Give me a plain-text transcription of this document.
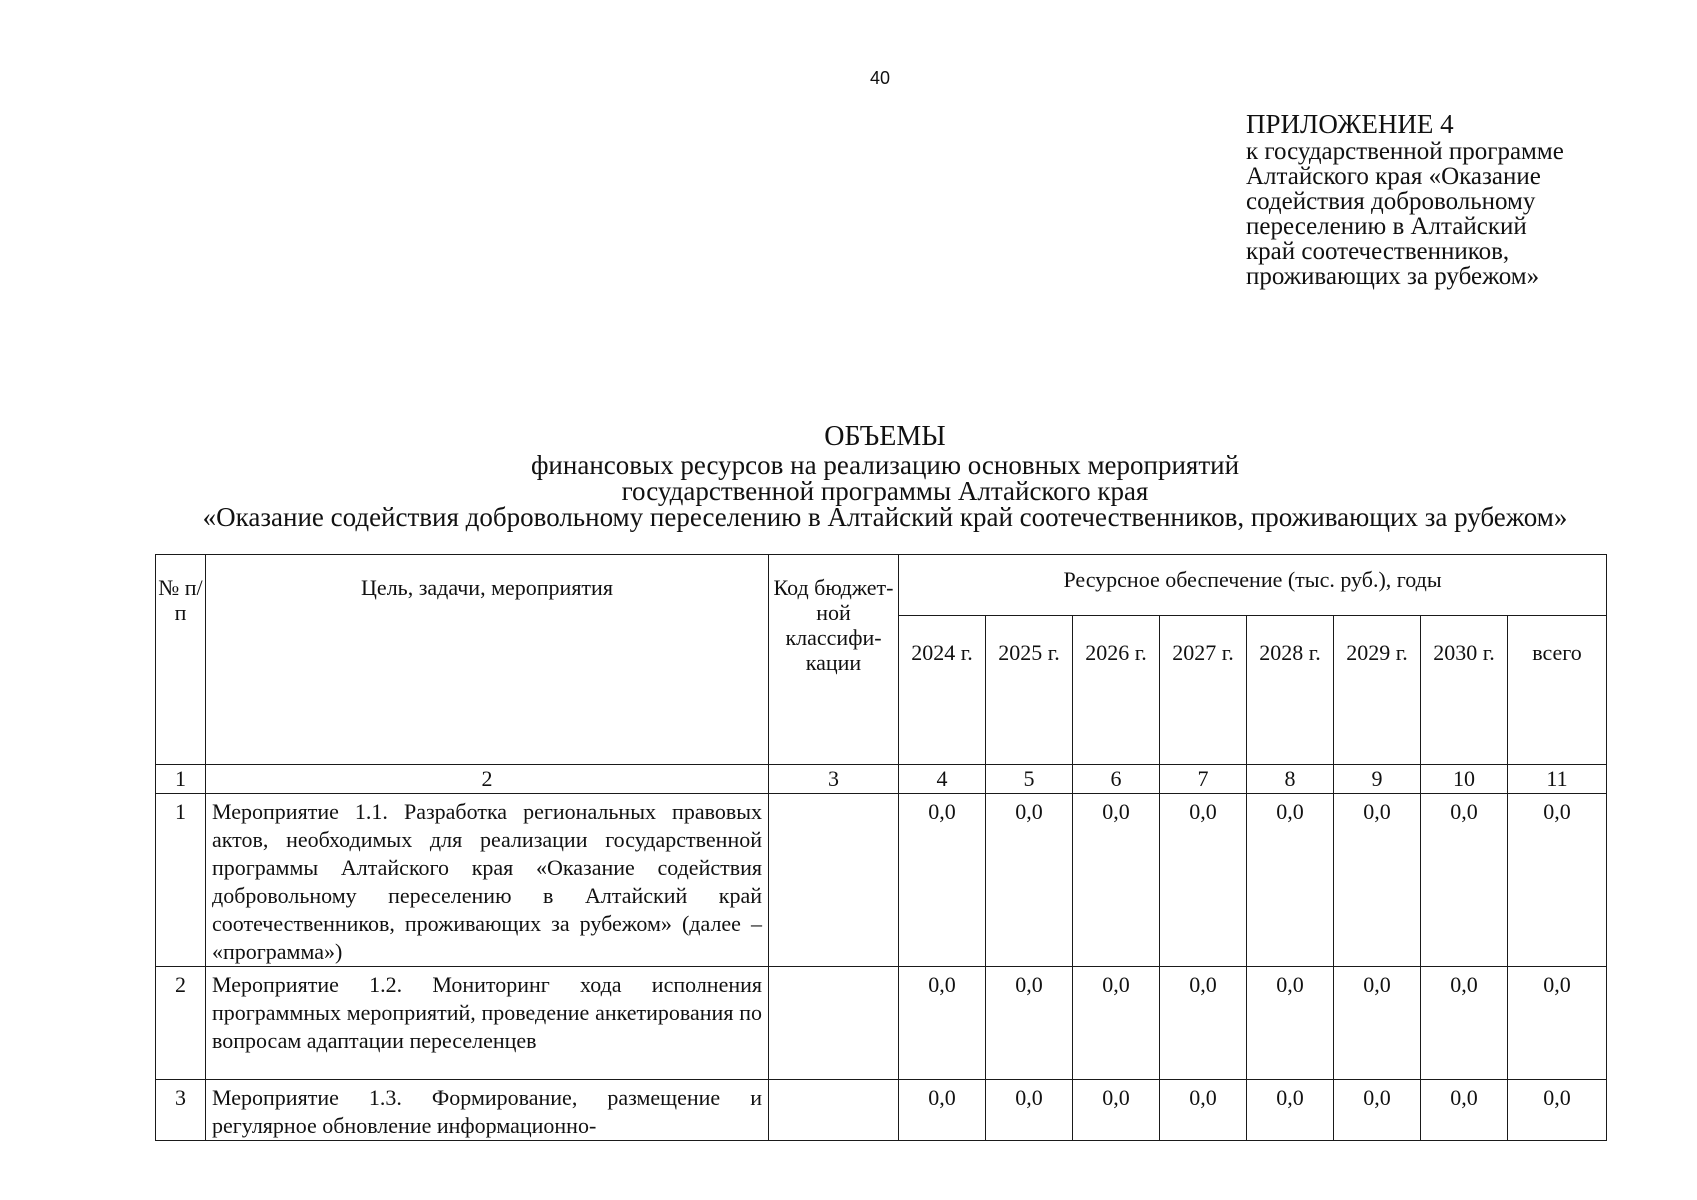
40
ПРИЛОЖЕНИЕ 4
к государственной программе
Алтайского края «Оказание
содействия добровольному
переселению в Алтайский
край соотечественников,
проживающих за рубежом»
ОБЪЕМЫ
финансовых ресурсов на реализацию основных мероприятий
государственной программы Алтайского края
«Оказание содействия добровольному переселению в Алтайский край соотечественников, проживающих за рубежом»
№ п/п	Цель, задачи, мероприятия	Код бюджет-ной классифи-кации	Ресурсное обеспечение (тыс. руб.), годы							
			2024 г.	2025 г.	2026 г.	2027 г.	2028 г.	2029 г.	2030 г.	всего
1	2	3	4	5	6	7	8	9	10	11
1	Мероприятие 1.1. Разработка региональных правовых актов, необходимых для реализации государственной программы Алтайского края «Оказание содействия добровольному переселению в Алтайский край соотечественников, проживающих за рубежом» (далее – «программа»)		0,0	0,0	0,0	0,0	0,0	0,0	0,0	0,0
2	Мероприятие 1.2. Мониторинг хода исполнения программных мероприятий, проведение анкетирования по вопросам адаптации переселенцев		0,0	0,0	0,0	0,0	0,0	0,0	0,0	0,0
3	Мероприятие 1.3. Формирование, размещение и регулярное обновление информационно-		0,0	0,0	0,0	0,0	0,0	0,0	0,0	0,0
